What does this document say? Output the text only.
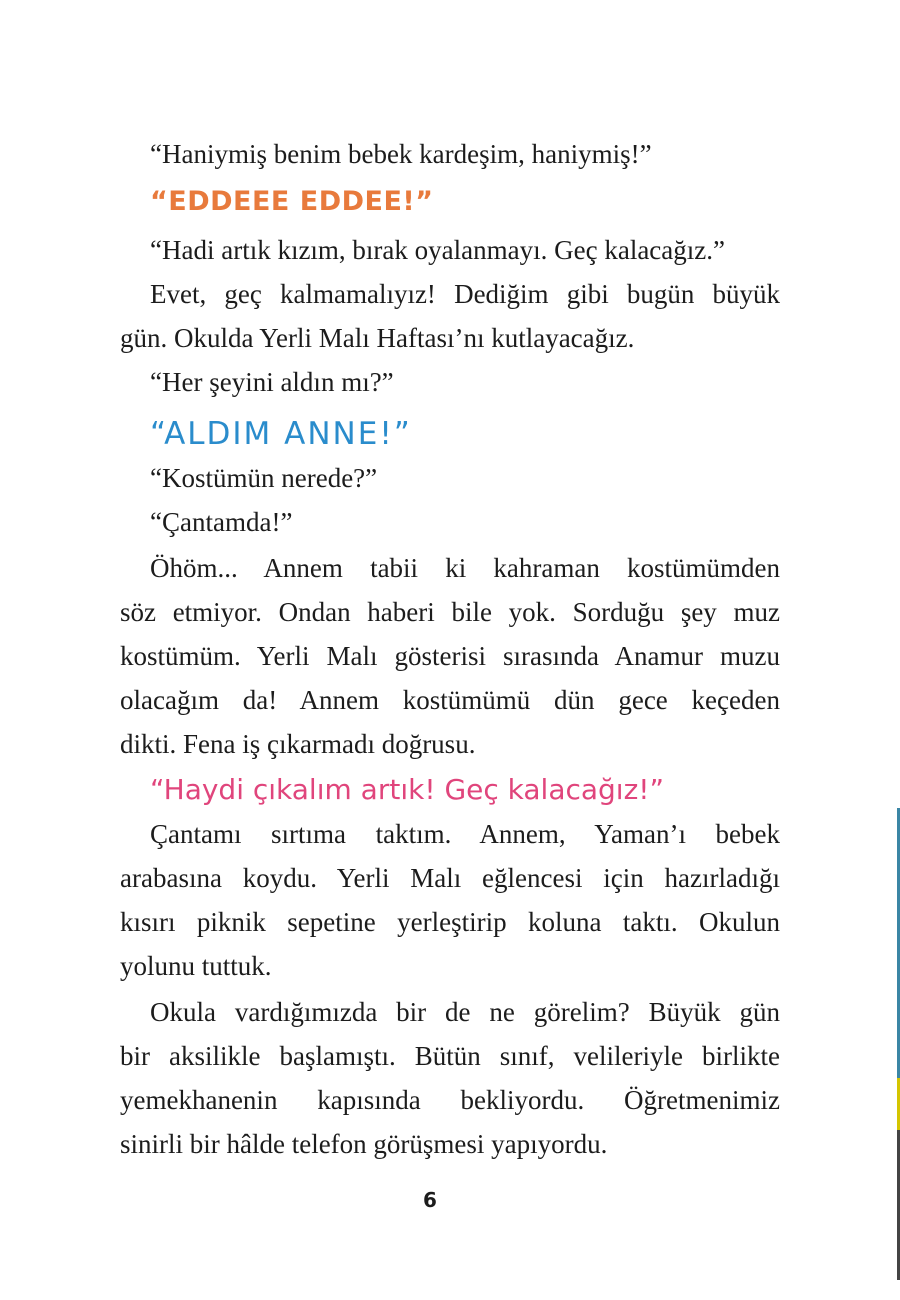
“Haniymiş benim bebek kardeşim, haniymiş!”
“EDDEEE EDDEE!”
“Hadi artık kızım, bırak oyalanmayı. Geç kalacağız.”
Evet, geç kalmamalıyız! Dediğim gibi bugün büyük
gün. Okulda Yerli Malı Haftası’nı kutlayacağız.
“Her şeyini aldın mı?”
“ALDIM ANNE!”
“Kostümün nerede?”
“Çantamda!”
Öhöm... Annem tabii ki kahraman kostümümden
söz etmiyor. Ondan haberi bile yok. Sorduğu şey muz
kostümüm. Yerli Malı gösterisi sırasında Anamur muzu
olacağım da! Annem kostümümü dün gece keçeden
dikti. Fena iş çıkarmadı doğrusu.
“Haydi çıkalım artık! Geç kalacağız!”
Çantamı sırtıma taktım. Annem, Yaman’ı bebek
arabasına koydu. Yerli Malı eğlencesi için hazırladığı
kısırı piknik sepetine yerleştirip koluna taktı. Okulun
yolunu tuttuk.
Okula vardığımızda bir de ne görelim? Büyük gün
bir aksilikle başlamıştı. Bütün sınıf, velileriyle birlikte
yemekhanenin kapısında bekliyordu. Öğretmenimiz
sinirli bir hâlde telefon görüşmesi yapıyordu.
6
